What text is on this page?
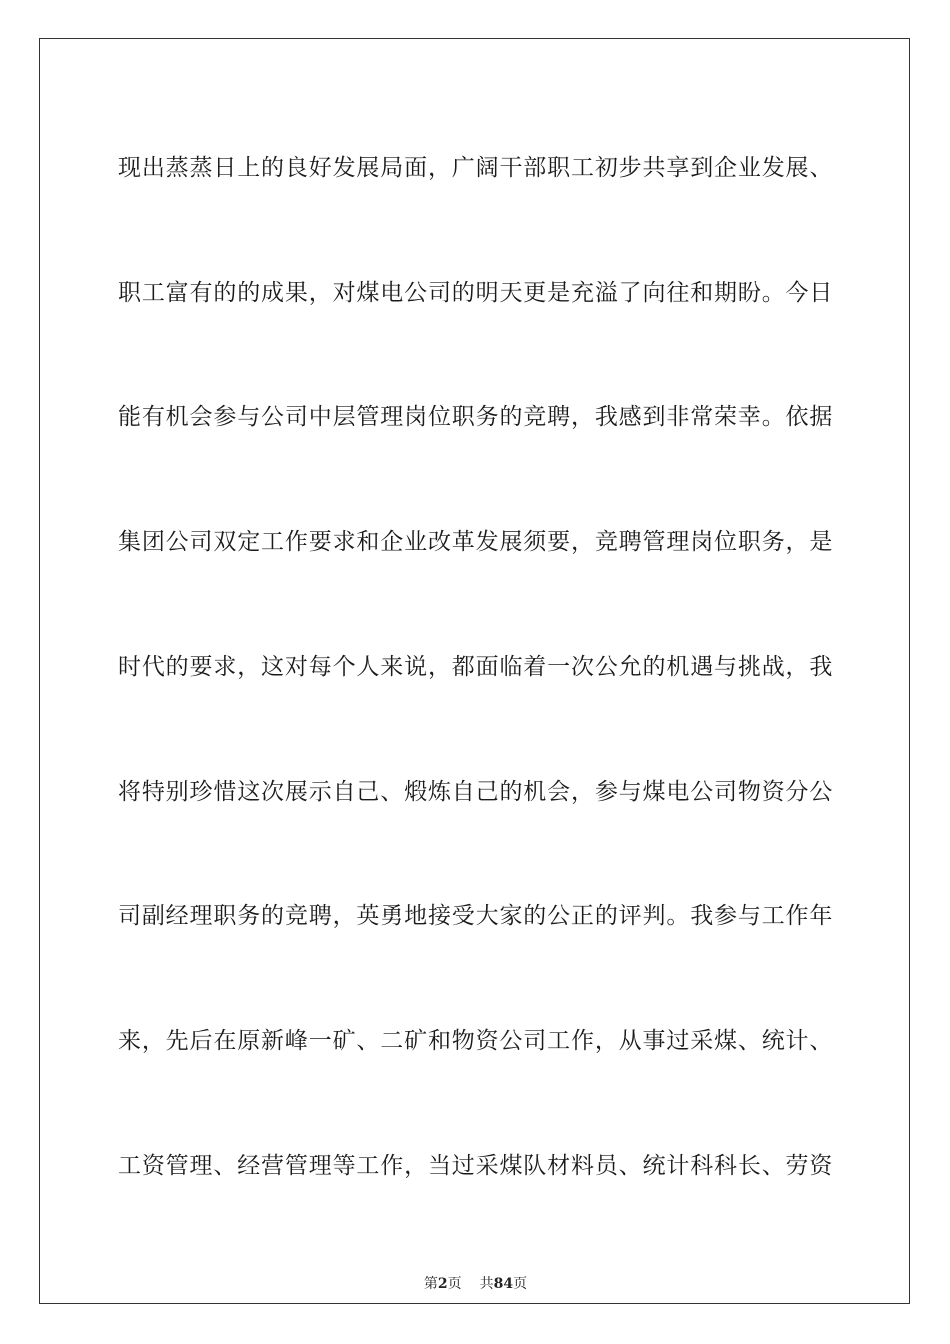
现出蒸蒸日上的良好发展局面，广阔干部职工初步共享到企业发展、
职工富有的的成果，对煤电公司的明天更是充溢了向往和期盼。今日
能有机会参与公司中层管理岗位职务的竞聘，我感到非常荣幸。依据
集团公司双定工作要求和企业改革发展须要，竞聘管理岗位职务，是
时代的要求，这对每个人来说，都面临着一次公允的机遇与挑战，我
将特别珍惜这次展示自己、煅炼自己的机会，参与煤电公司物资分公
司副经理职务的竞聘，英勇地接受大家的公正的评判。我参与工作年
来，先后在原新峰一矿、二矿和物资公司工作，从事过采煤、统计、
工资管理、经营管理等工作，当过采煤队材料员、统计科科长、劳资
第2页 共84页
